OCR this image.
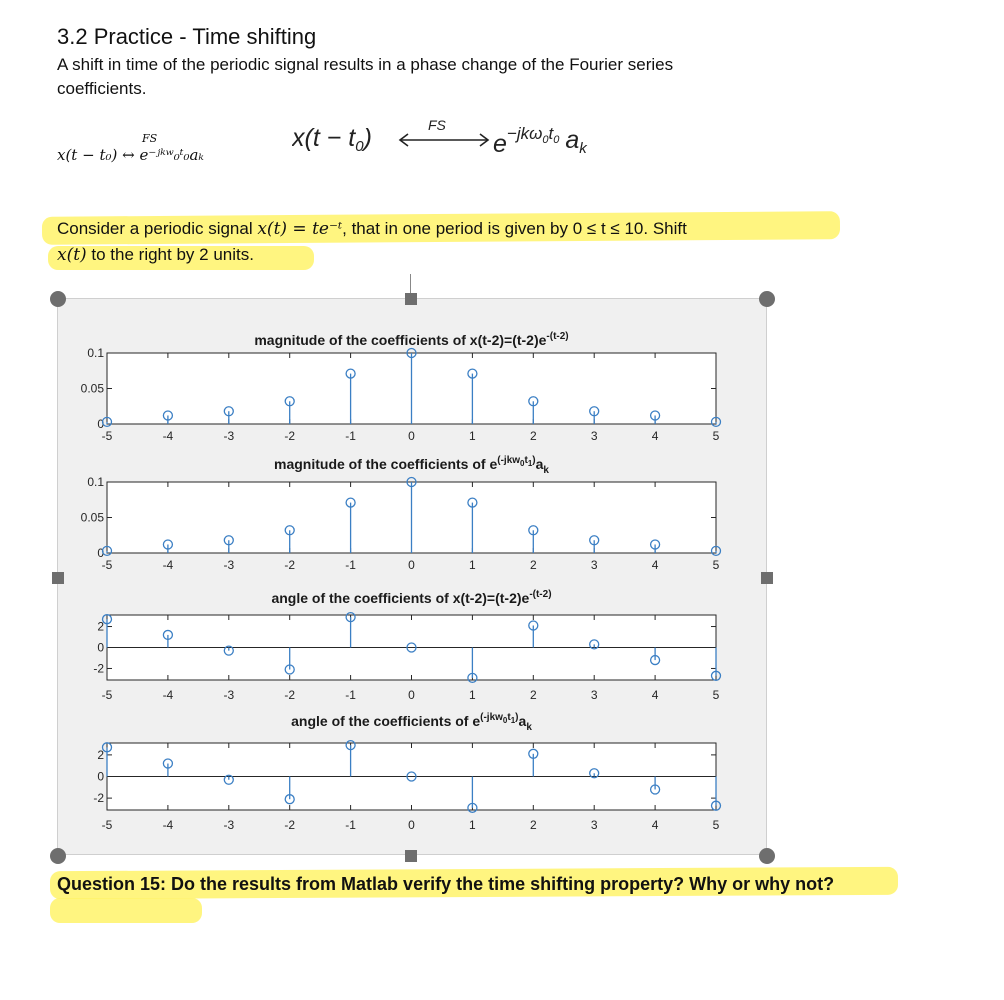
3.2 Practice - Time shifting
A shift in time of the periodic signal results in a phase change of the Fourier series
coefficients.
FS
x(t − t₀) ↔ e⁻ʲᵏʷ₀ᵗ₀aₖ
$x(t - t_0)$	FS
$e^{-jk\omega}0t0$ $a_k$
Consider a periodic signal x(t) = te⁻ᵗ, that in one period is given by 0 ≤ t ≤ 10. Shift
x(t) to the right by 2 units.
-5	-4	-3	-2	-1	0	1	2	3	4	5
0
0.05
0.1
magnitude of the coefficients of $x(t-2)=(t-2)e^{-(t-2)}$
-5	-4	-3	-2	-1	0	1	2	3	4	5
0
0.05
0.1
magnitude of the coefficients of $e^{(-jkw}_0^t_1^)a_k$
-5	-4	-3	-2	-1	0	1	2	3	4	5
-2
0
2
angle of the coefficients of $x(t-2)=(t-2)e^{-(t-2)}$
-5	-4	-3	-2	-1	0	1	2	3	4	5
-2
0
2
angle of the coefficients of $e^{(-jkw}_0^t_1^)a_k$
Question 15: Do the results from Matlab verify the time shifting property? Why or why not?
